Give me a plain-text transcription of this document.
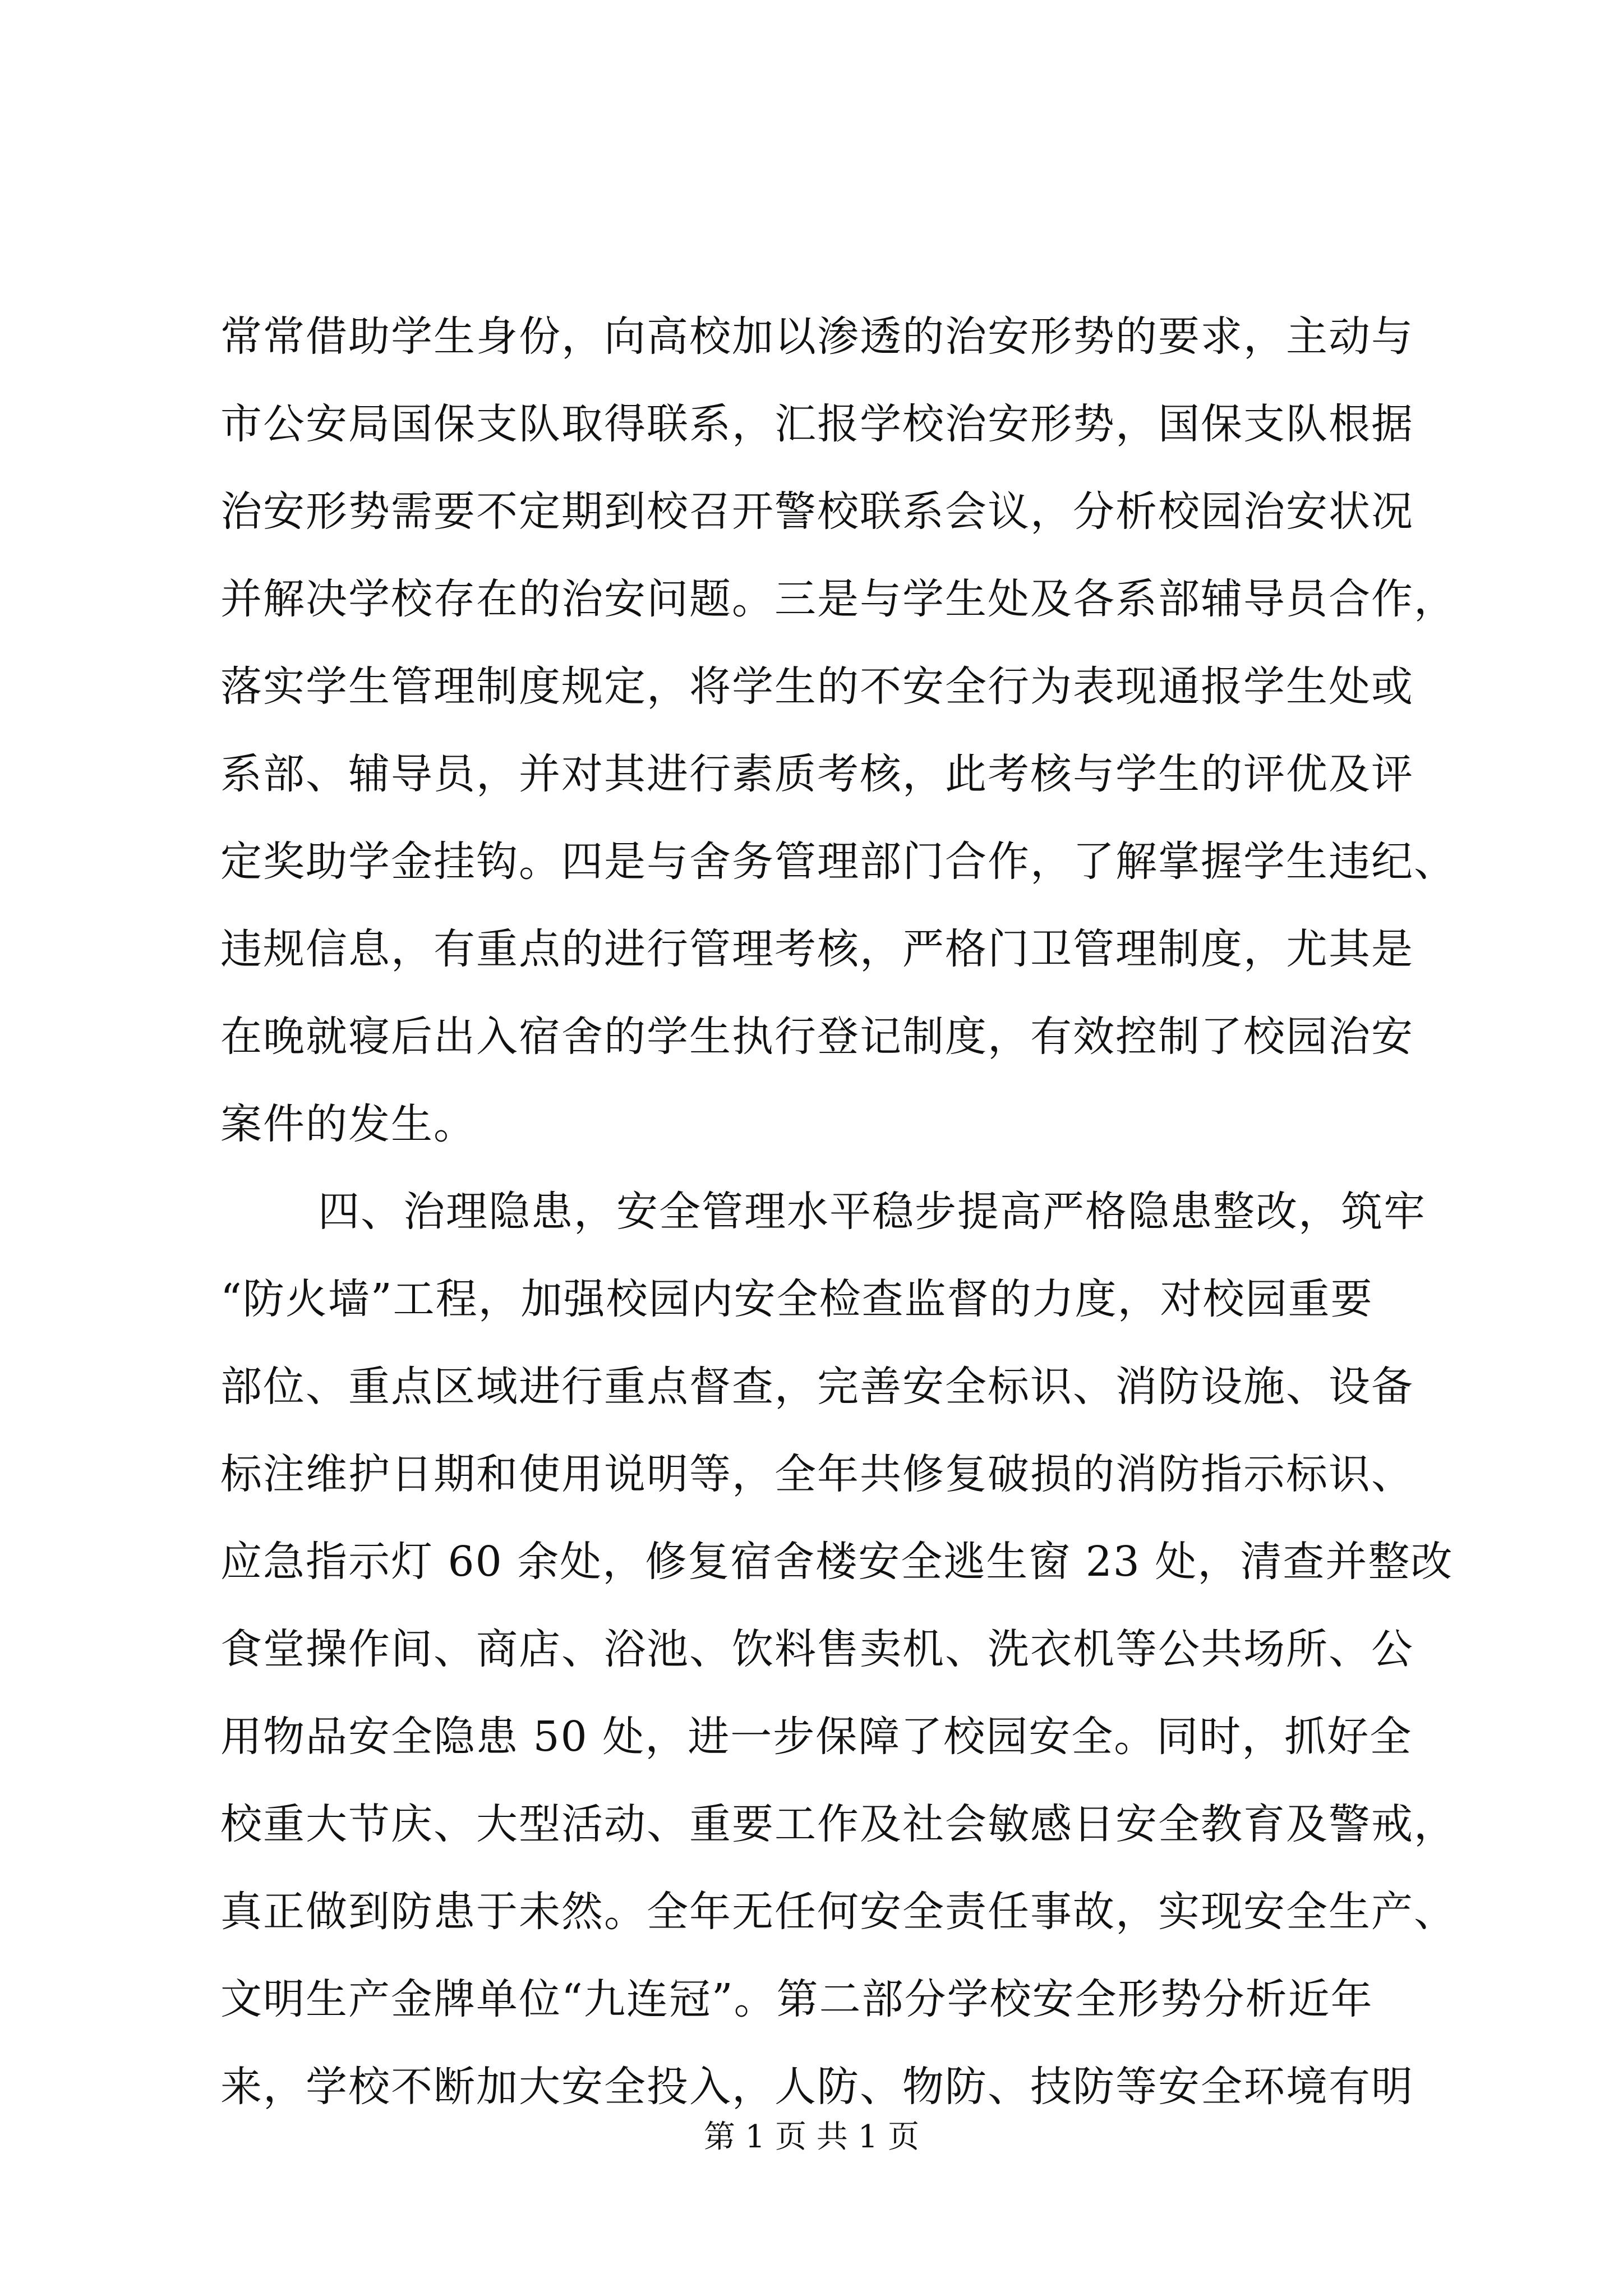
常常借助学生身份，向高校加以渗透的治安形势的要求，主动与
市公安局国保支队取得联系，汇报学校治安形势，国保支队根据
治安形势需要不定期到校召开警校联系会议，分析校园治安状况
并解决学校存在的治安问题。三是与学生处及各系部辅导员合作，
落实学生管理制度规定，将学生的不安全行为表现通报学生处或
系部、辅导员，并对其进行素质考核，此考核与学生的评优及评
定奖助学金挂钩。四是与舍务管理部门合作，了解掌握学生违纪、
违规信息，有重点的进行管理考核，严格门卫管理制度，尤其是
在晚就寝后出入宿舍的学生执行登记制度，有效控制了校园治安
案件的发生。
四、治理隐患，安全管理水平稳步提高严格隐患整改，筑牢
“防火墙”工程，加强校园内安全检查监督的力度，对校园重要
部位、重点区域进行重点督查，完善安全标识、消防设施、设备
标注维护日期和使用说明等，全年共修复破损的消防指示标识、
应急指示灯 60 余处，修复宿舍楼安全逃生窗 23 处，清查并整改
食堂操作间、商店、浴池、饮料售卖机、洗衣机等公共场所、公
用物品安全隐患 50 处，进一步保障了校园安全。同时，抓好全
校重大节庆、大型活动、重要工作及社会敏感日安全教育及警戒，
真正做到防患于未然。全年无任何安全责任事故，实现安全生产、
文明生产金牌单位“九连冠”。第二部分学校安全形势分析近年
来，学校不断加大安全投入，人防、物防、技防等安全环境有明
第 1 页 共 1 页
